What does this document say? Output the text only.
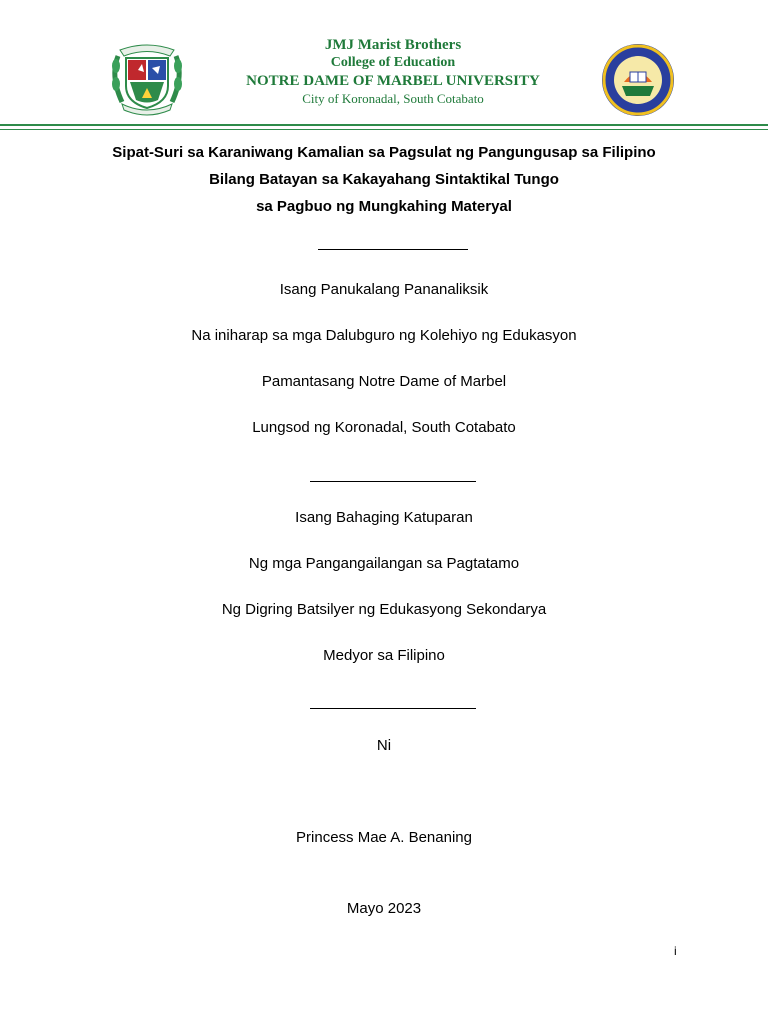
JMJ Marist Brothers
College of Education
NOTRE DAME OF MARBEL UNIVERSITY
City of Koronadal, South Cotabato
Sipat-Suri sa Karaniwang Kamalian sa Pagsulat ng Pangungusap sa Filipino
Bilang Batayan sa Kakayahang Sintaktikal Tungo
sa Pagbuo ng Mungkahing Materyal
Isang Panukalang Pananaliksik
Na iniharap sa mga Dalubguro ng Kolehiyo ng Edukasyon
Pamantasang Notre Dame of Marbel
Lungsod ng Koronadal, South Cotabato
Isang Bahaging Katuparan
Ng mga Pangangailangan sa Pagtatamo
Ng Digring Batsilyer ng Edukasyong Sekondarya
Medyor sa Filipino
Ni
Princess Mae A. Benaning
Mayo 2023
i
